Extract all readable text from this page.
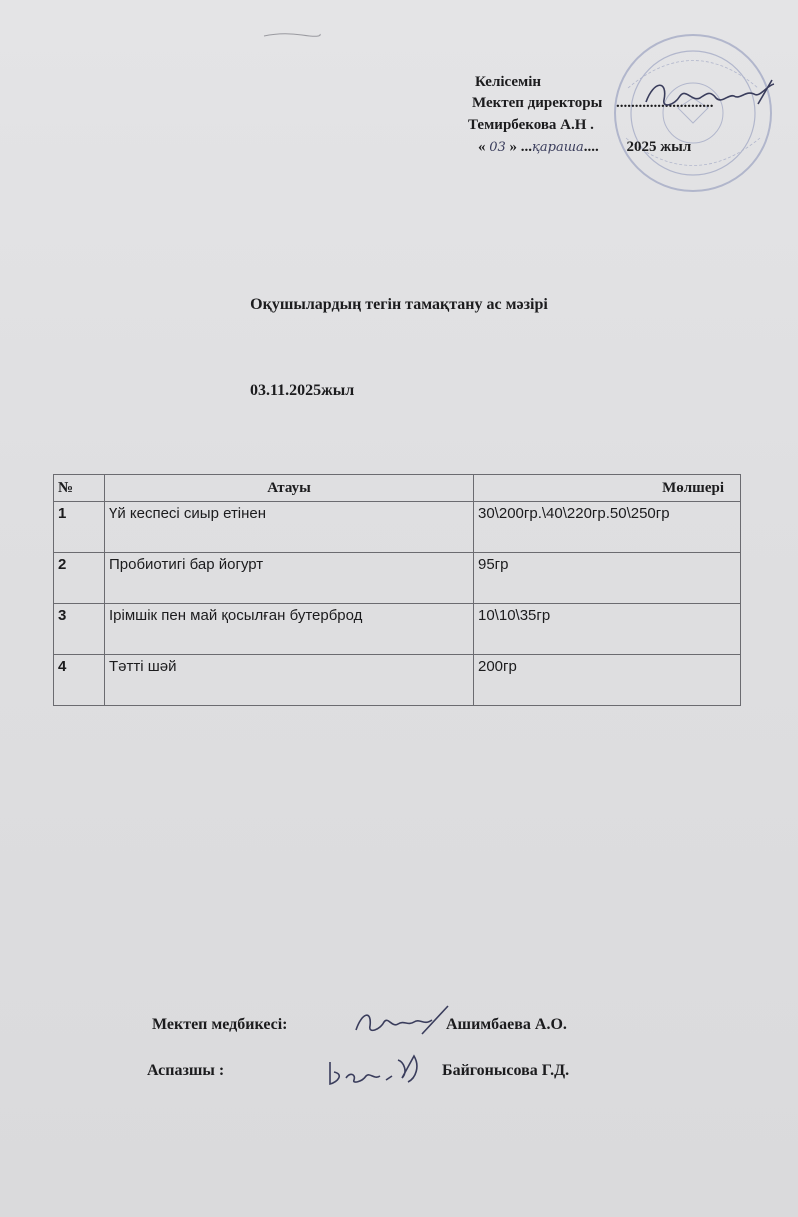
Келісемін
Мектеп директоры ..........................
Темирбекова А.Н .
« 03 » ...қараша.... 2025 жыл
Оқушылардың тегін тамақтану ас мәзірі
03.11.2025жыл
№	Атауы	Мөлшері
1	Үй кеспесі сиыр етінен	30\200гр.\40\220гр.50\250гр
2	Пробиотигі бар йогурт	95гр
3	Ірімшік пен май қосылған бутерброд	10\10\35гр
4	Тәтті шәй	200гр
Мектеп медбикесі:	Ашимбаева А.О.
Аспазшы :	Байгонысова Г.Д.
